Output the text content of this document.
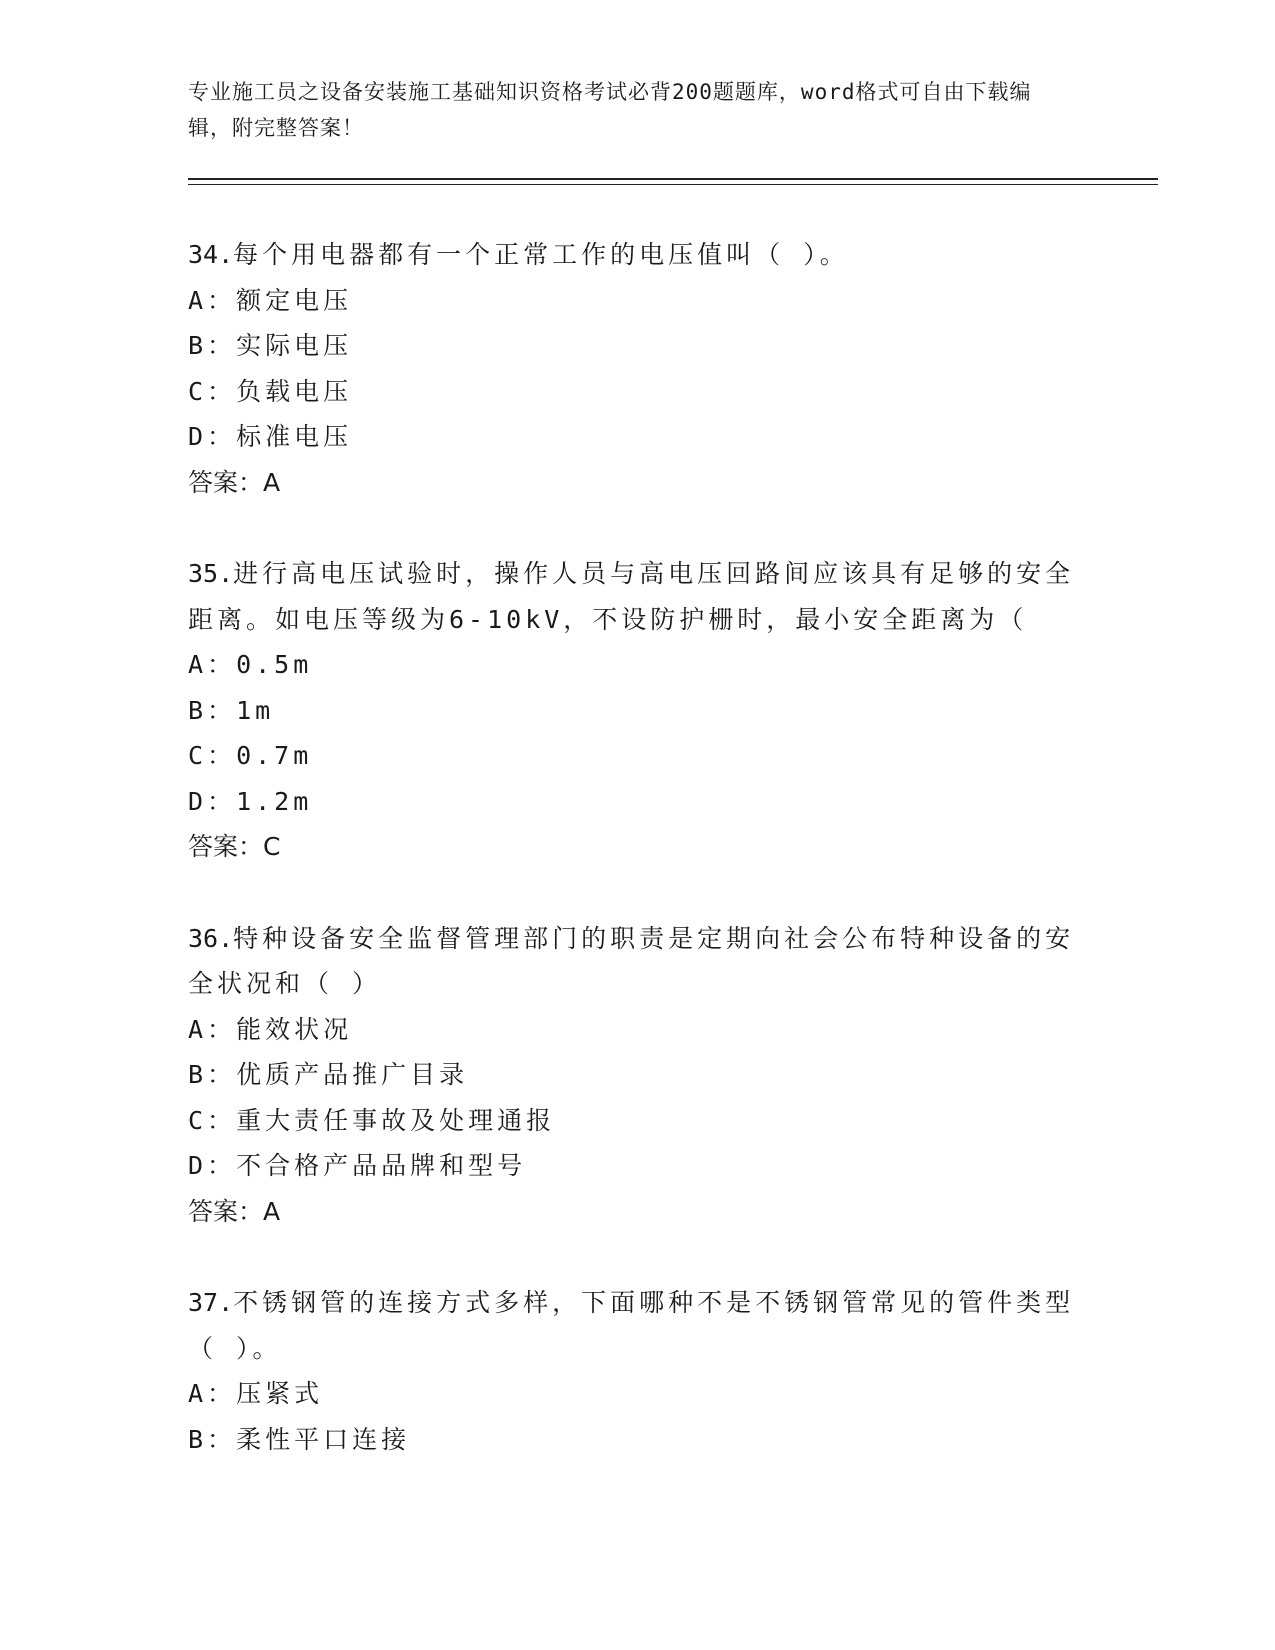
专业施工员之设备安装施工基础知识资格考试必背200题题库，word格式可自由下载编辑，附完整答案！

34.每个用电器都有一个正常工作的电压值叫（ ）。

A：额定电压

B：实际电压

C：负载电压

D：标准电压

答案：A

35.进行高电压试验时，操作人员与高电压回路间应该具有足够的安全距离。如电压等级为6-10kV，不设防护栅时，最小安全距离为（

A：0.5m

B：1m

C：0.7m

D：1.2m

答案：C

36.特种设备安全监督管理部门的职责是定期向社会公布特种设备的安全状况和（ ）

A：能效状况

B：优质产品推广目录

C：重大责任事故及处理通报

D：不合格产品品牌和型号

答案：A

37.不锈钢管的连接方式多样，下面哪种不是不锈钢管常见的管件类型（ ）。

A：压紧式

B：柔性平口连接
